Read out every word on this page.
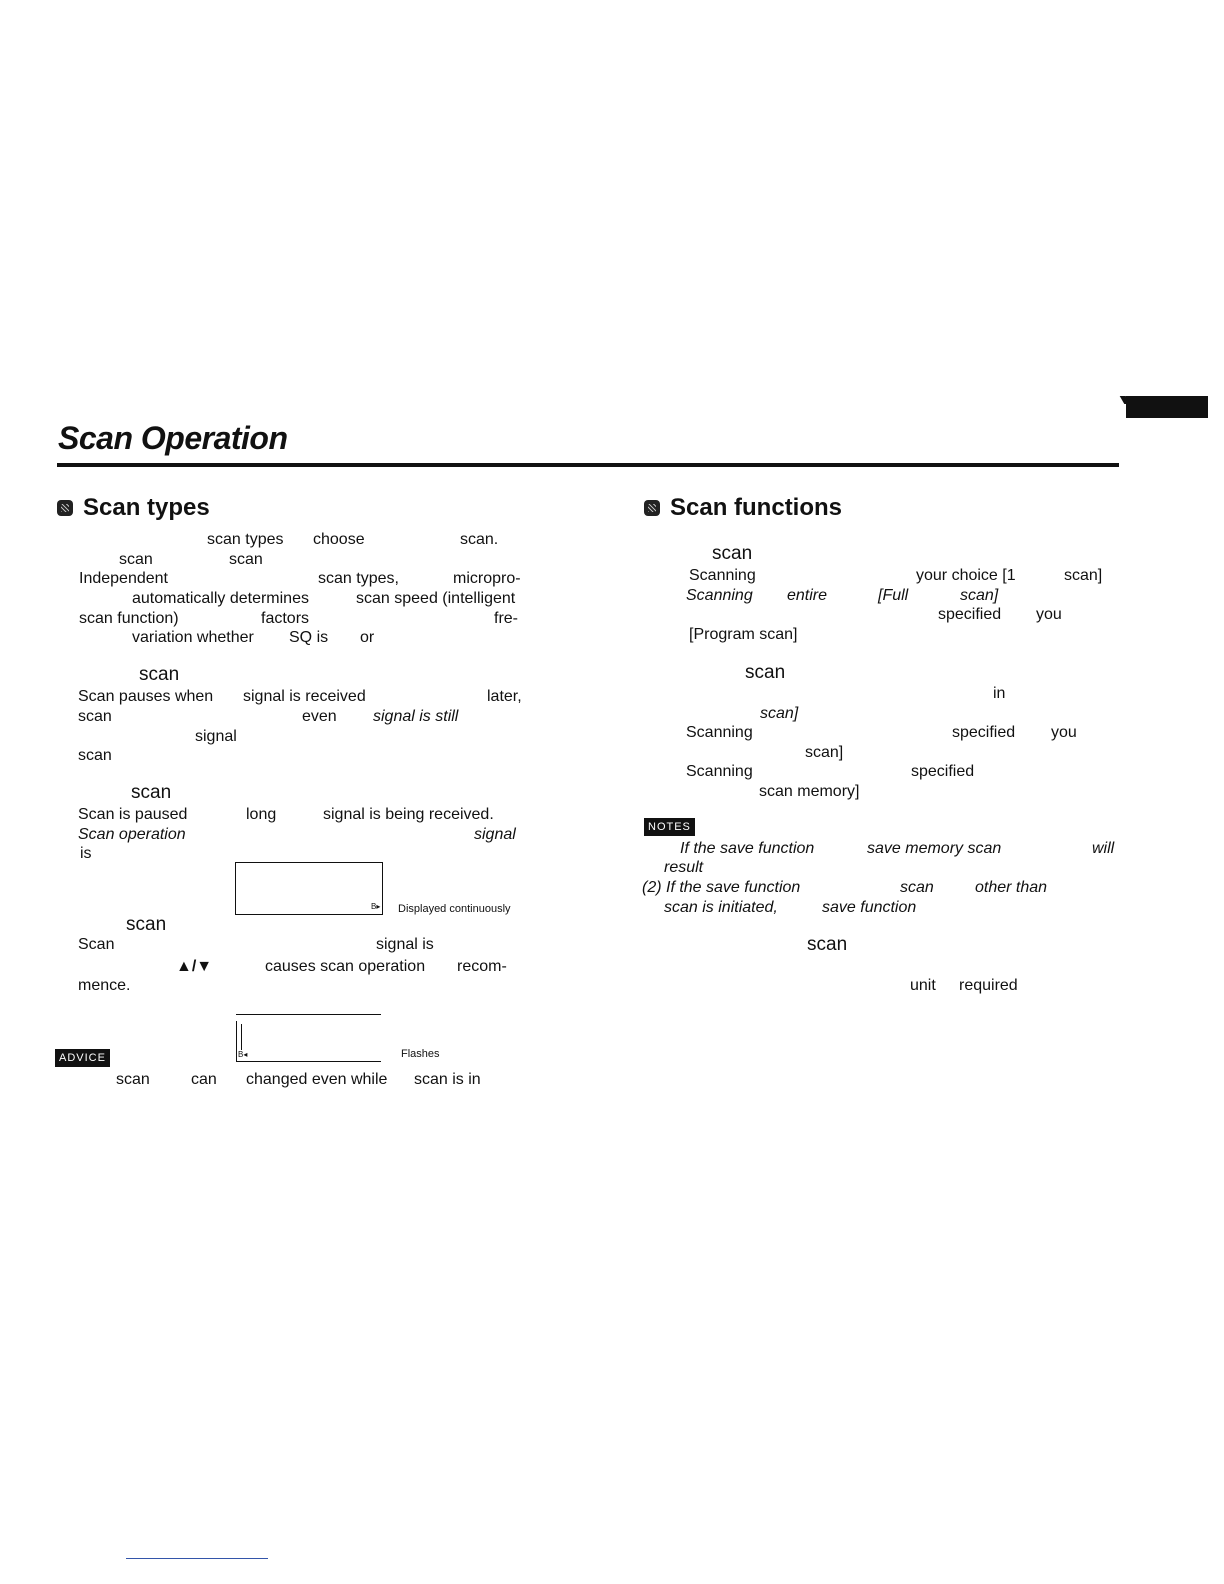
Scan Operation
Scan types
scan types choose	scan.
scan	scan
Independent	scan types,	micropro-
automatically determines	scan speed (intelligent
scan function)	factors	fre-
variation whether SQ is or
scan
Scan pauses when signal is received	later,
scan	even signal is still
signal
scan
scan
Scan is paused	long	signal is being received.
Scan operation	signal
is
B▸ Displayed continuously
scan
Scan	signal is
▲/▼	causes scan operation recom-
mence.
B◂	Flashes
ADVICE
scan	can changed even while scan is in
Scan functions
scan
Scanning	your choice [1	scan]
Scanning entire	[Full	scan]
specified you
[Program scan]
scan
in
scan]
Scanning	specified you
scan]
Scanning	specified
scan memory]
NOTES
If the save function	save memory scan	will
result
(2) If the save function	scan	other than
scan is initiated,	save function
scan
unit required
